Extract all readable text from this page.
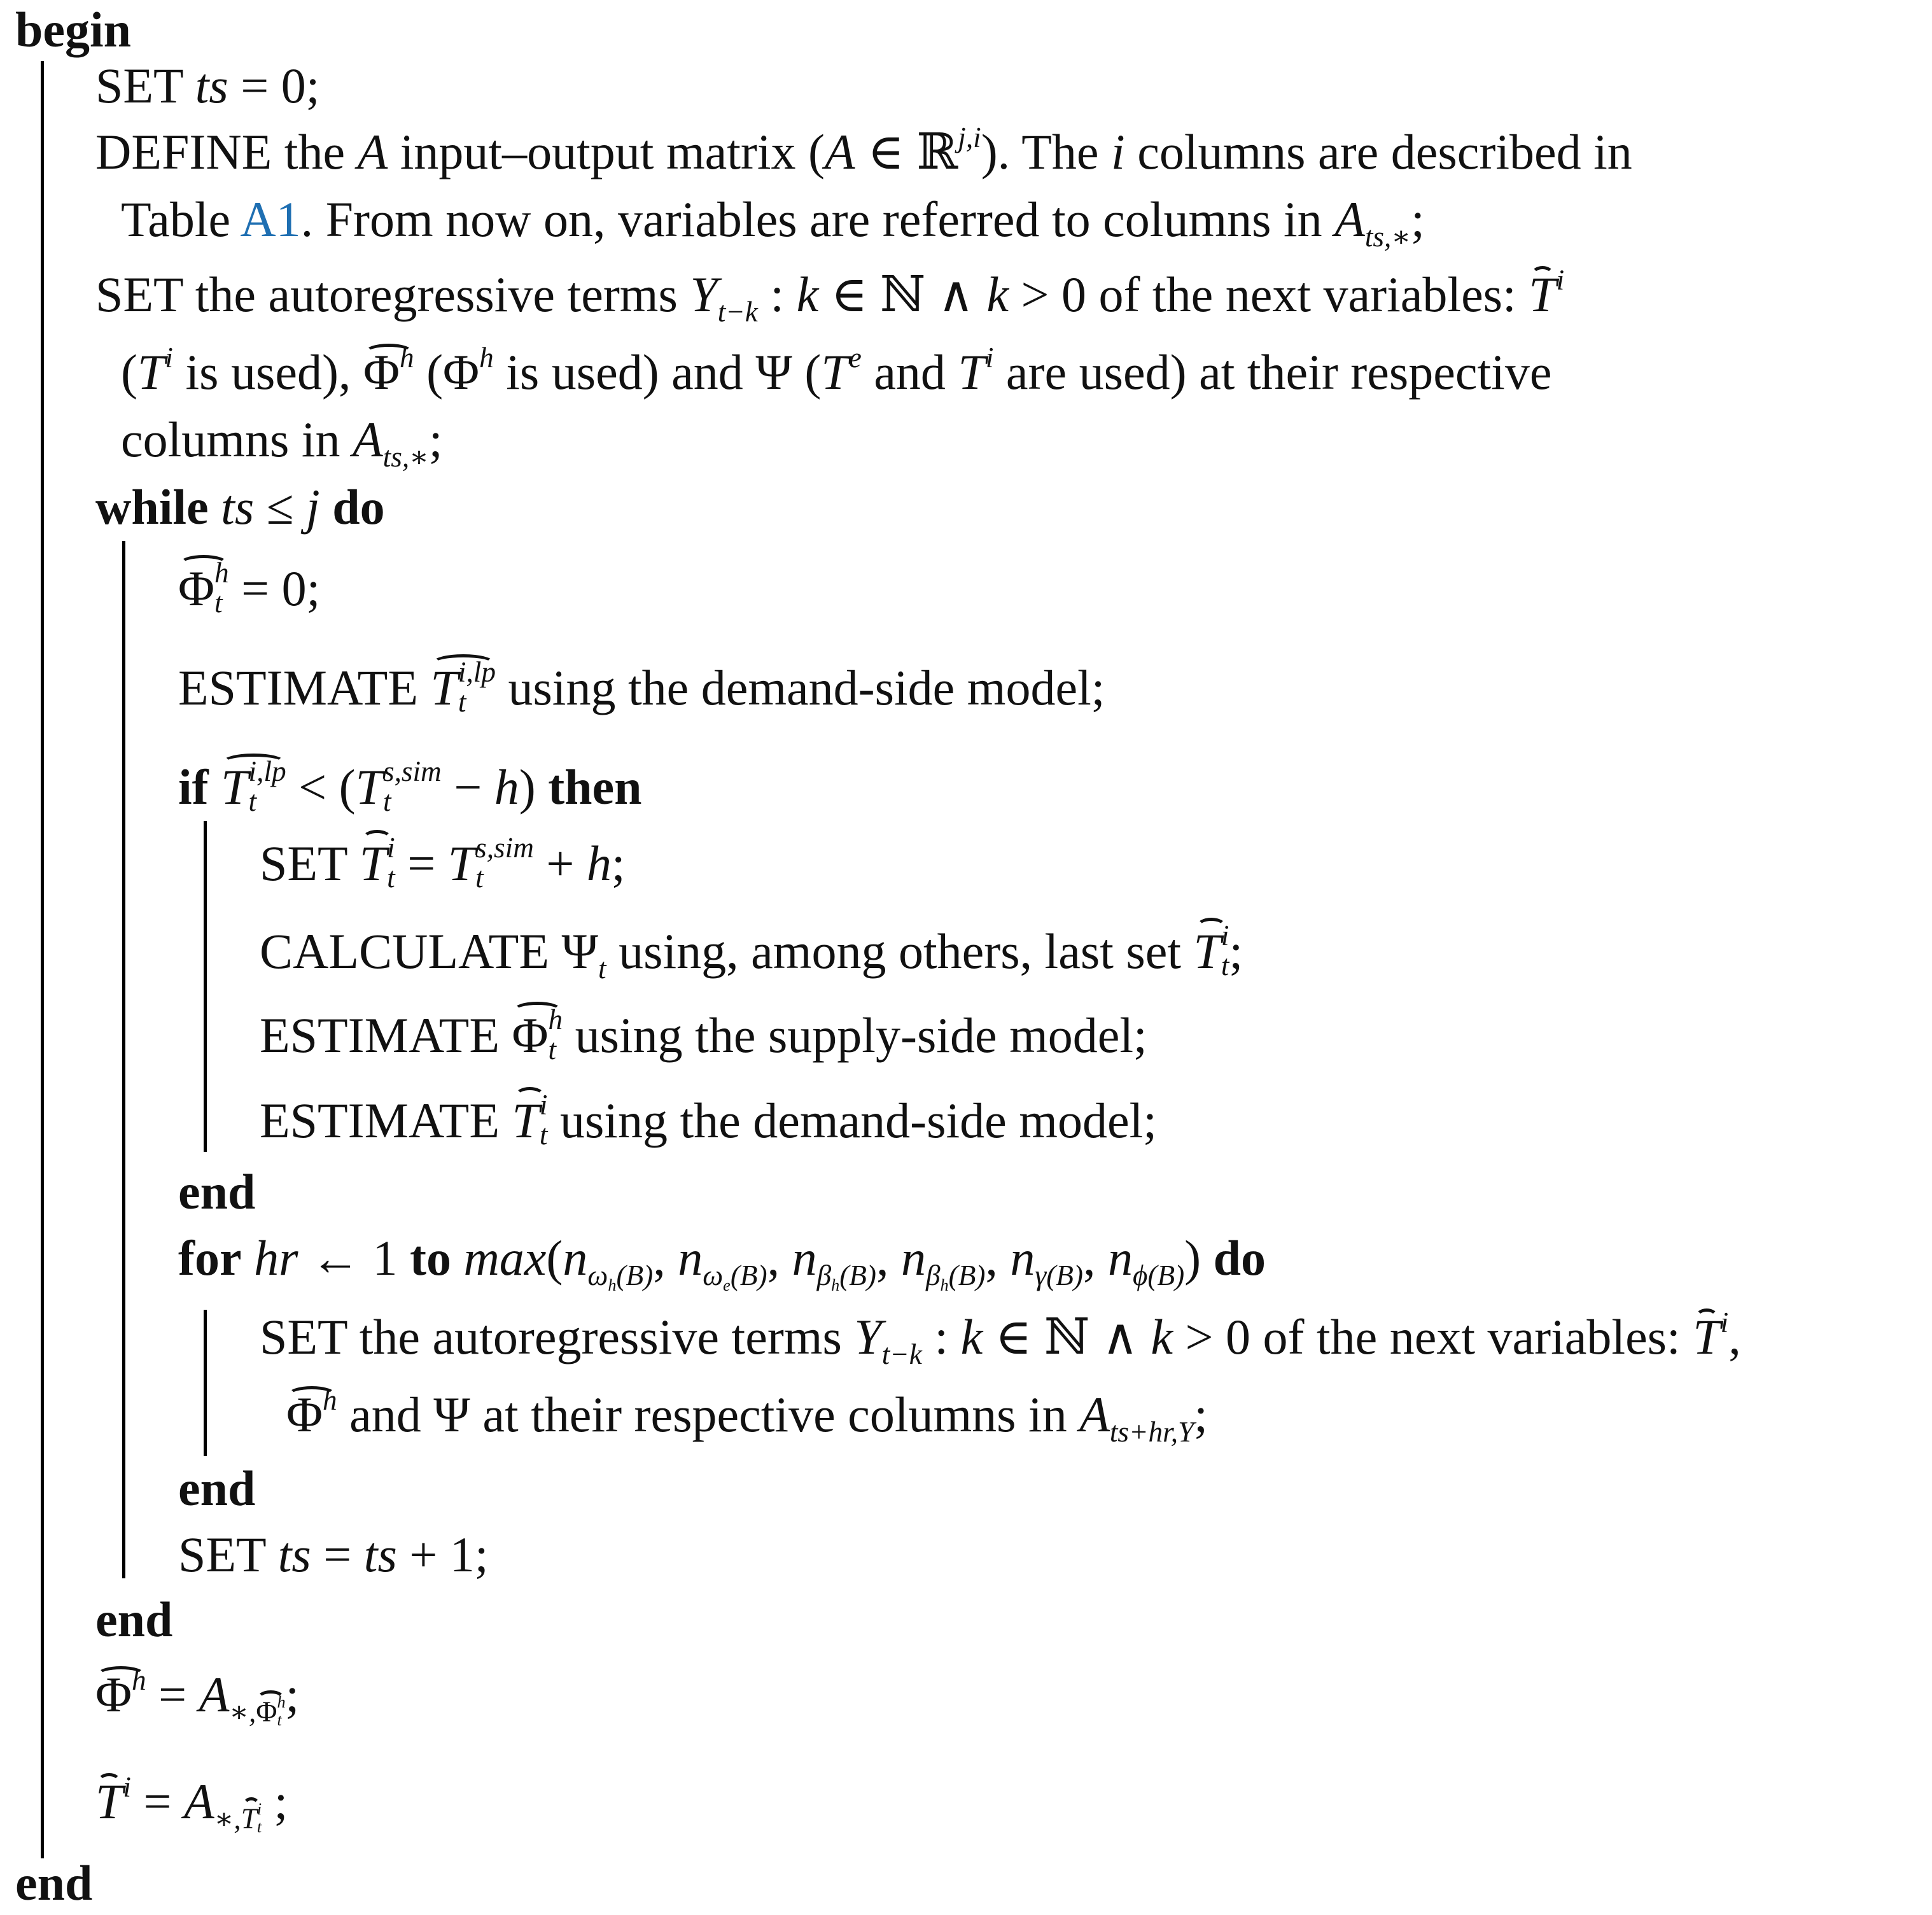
begin
SET ts = 0;
DEFINE the A input–output matrix (A ∈ ℝ$^{j,i}$). The i columns are described in
Table A1. From now on, variables are referred to columns in $A_{ts,∗}$;
SET the autoregressive terms $Y_{t-k}$ : k ∈ ℕ ∧ k > 0 of the next variables: $T^i$
($T^i$ is used), $\Phi^h$ ($\Phi^h$ is used) and Ψ ($T^e$ and $T^i$ are used) at their respective
columns in $A_{ts,∗}$;
while ts ≤ j do
Φ h
t = 0;
ESTIMATE T i,lp
t using the demand-side model;
if T i,lp
t < (T s,sim
t	− h) then
SET T i
t = T s,sim
t	+ h;
CALCULATE $\Psi_t$ using, among others, last set T i
t ;
ESTIMATE Φ h
t using the supply-side model;
ESTIMATE T i
t using the demand-side model;
end
for hr ← 1 to $\max(n_{\omega_h(B)}$, $n_{\omega_e(B)}$, $n_{\beta_h(B)}$, $n_{\beta_h(B)}$, $n_{\gamma(B)}$, $n_{\phi(B)}$) do
SET the autoregressive terms $Y_{t-k}$ : k ∈ ℕ ∧ k > 0 of the next variables: $T^i$,
$\Phi^h$ and Ψ at their respective columns in $A_{ts+hr,Y}$;
end
SET ts = ts + 1;
end
$\Phi^h = A_{∗,\Phi h t}$ ;
$T^i = A_{∗,T i t}$ ;
end
